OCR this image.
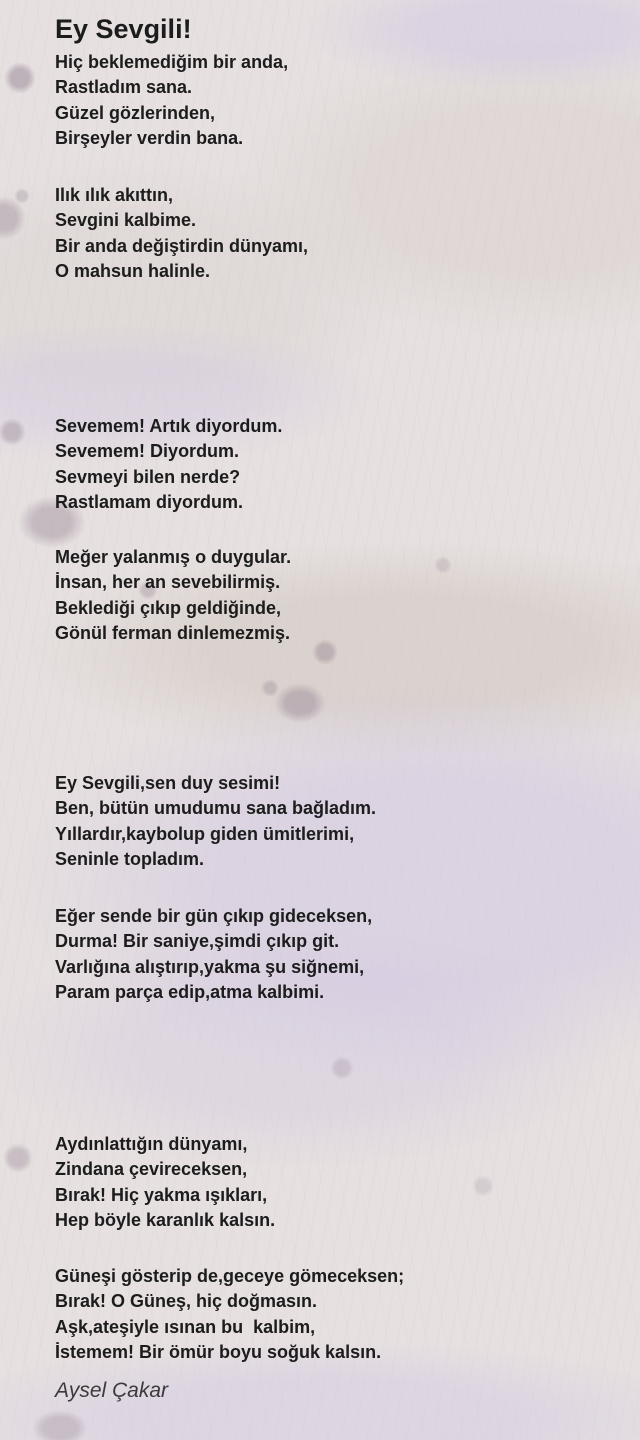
Ey Sevgili!

Hiç beklemediğim bir anda,

Rastladım sana.

Güzel gözlerinden,

Birşeyler verdin bana.

Ilık ılık akıttın,

Sevgini kalbime.

Bir anda değiştirdin dünyamı,

O mahsun halinle.

Sevemem! Artık diyordum.

Sevemem! Diyordum.

Sevmeyi bilen nerde?

Rastlamam diyordum.

Meğer yalanmış o duygular.

İnsan, her an sevebilirmiş.

Beklediği çıkıp geldiğinde,

Gönül ferman dinlemezmiş.

Ey Sevgili,sen duy sesimi!

Ben, bütün umudumu sana bağladım.

Yıllardır,kaybolup giden ümitlerimi,

Seninle topladım.

Eğer sende bir gün çıkıp gideceksen,

Durma! Bir saniye,şimdi çıkıp git.

Varlığına alıştırıp,yakma şu siğnemi,

Param parça edip,atma kalbimi.

Aydınlattığın dünyamı,

Zindana çevireceksen,

Bırak! Hiç yakma ışıkları,

Hep böyle karanlık kalsın.

Güneşi gösterip de,geceye gömeceksen;

Bırak! O Güneş, hiç doğmasın.

Aşk,ateşiyle ısınan bu  kalbim,

İstemem! Bir ömür boyu soğuk kalsın.

Aysel Çakar
